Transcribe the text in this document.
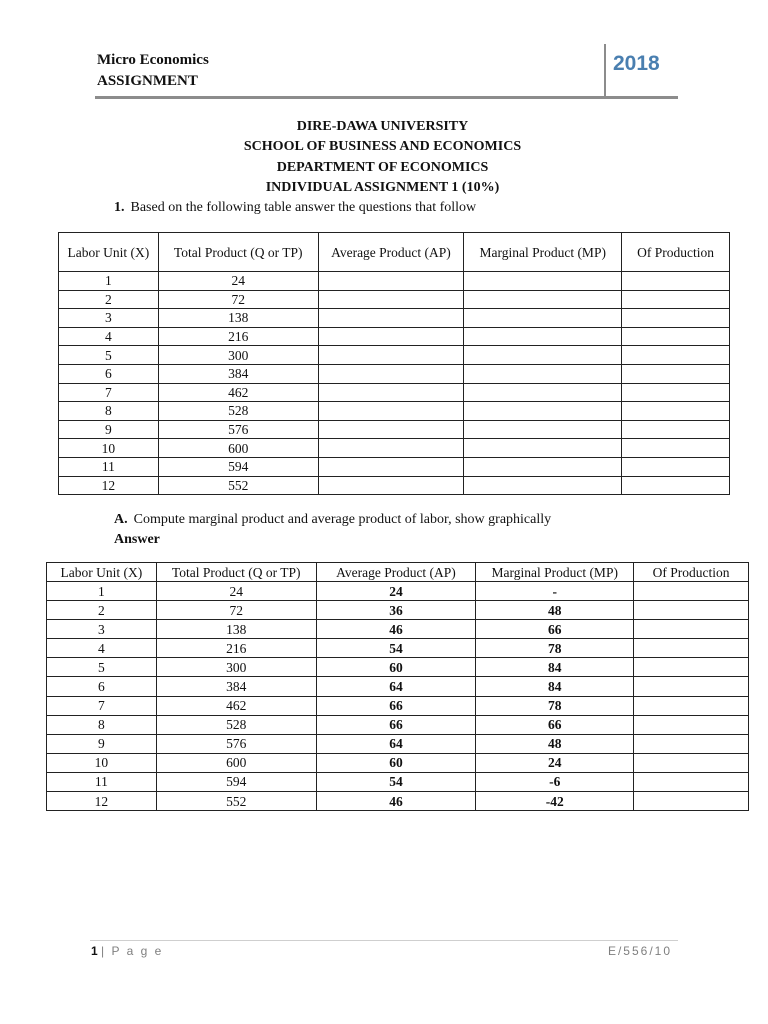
Micro Economics
ASSIGNMENT
2018
DIRE-DAWA UNIVERSITY
SCHOOL OF BUSINESS AND ECONOMICS
DEPARTMENT OF ECONOMICS
INDIVIDUAL ASSIGNMENT 1 (10%)
1. Based on the following table answer the questions that follow
Labor Unit (X)	Total Product (Q or TP)	Average Product (AP)	Marginal Product (MP)	Of Production
1	24			
2	72			
3	138			
4	216			
5	300			
6	384			
7	462			
8	528			
9	576			
10	600			
11	594			
12	552			
A. Compute marginal product and average product of labor, show graphically
Answer
Labor Unit (X)	Total Product (Q or TP)	Average Product (AP)	Marginal Product (MP)	Of Production
1	24	24	-	
2	72	36	48	
3	138	46	66	
4	216	54	78	
5	300	60	84	
6	384	64	84	
7	462	66	78	
8	528	66	66	
9	576	64	48	
10	600	60	24	
11	594	54	-6	
12	552	46	-42	
1 | P a g e	E/556/10
